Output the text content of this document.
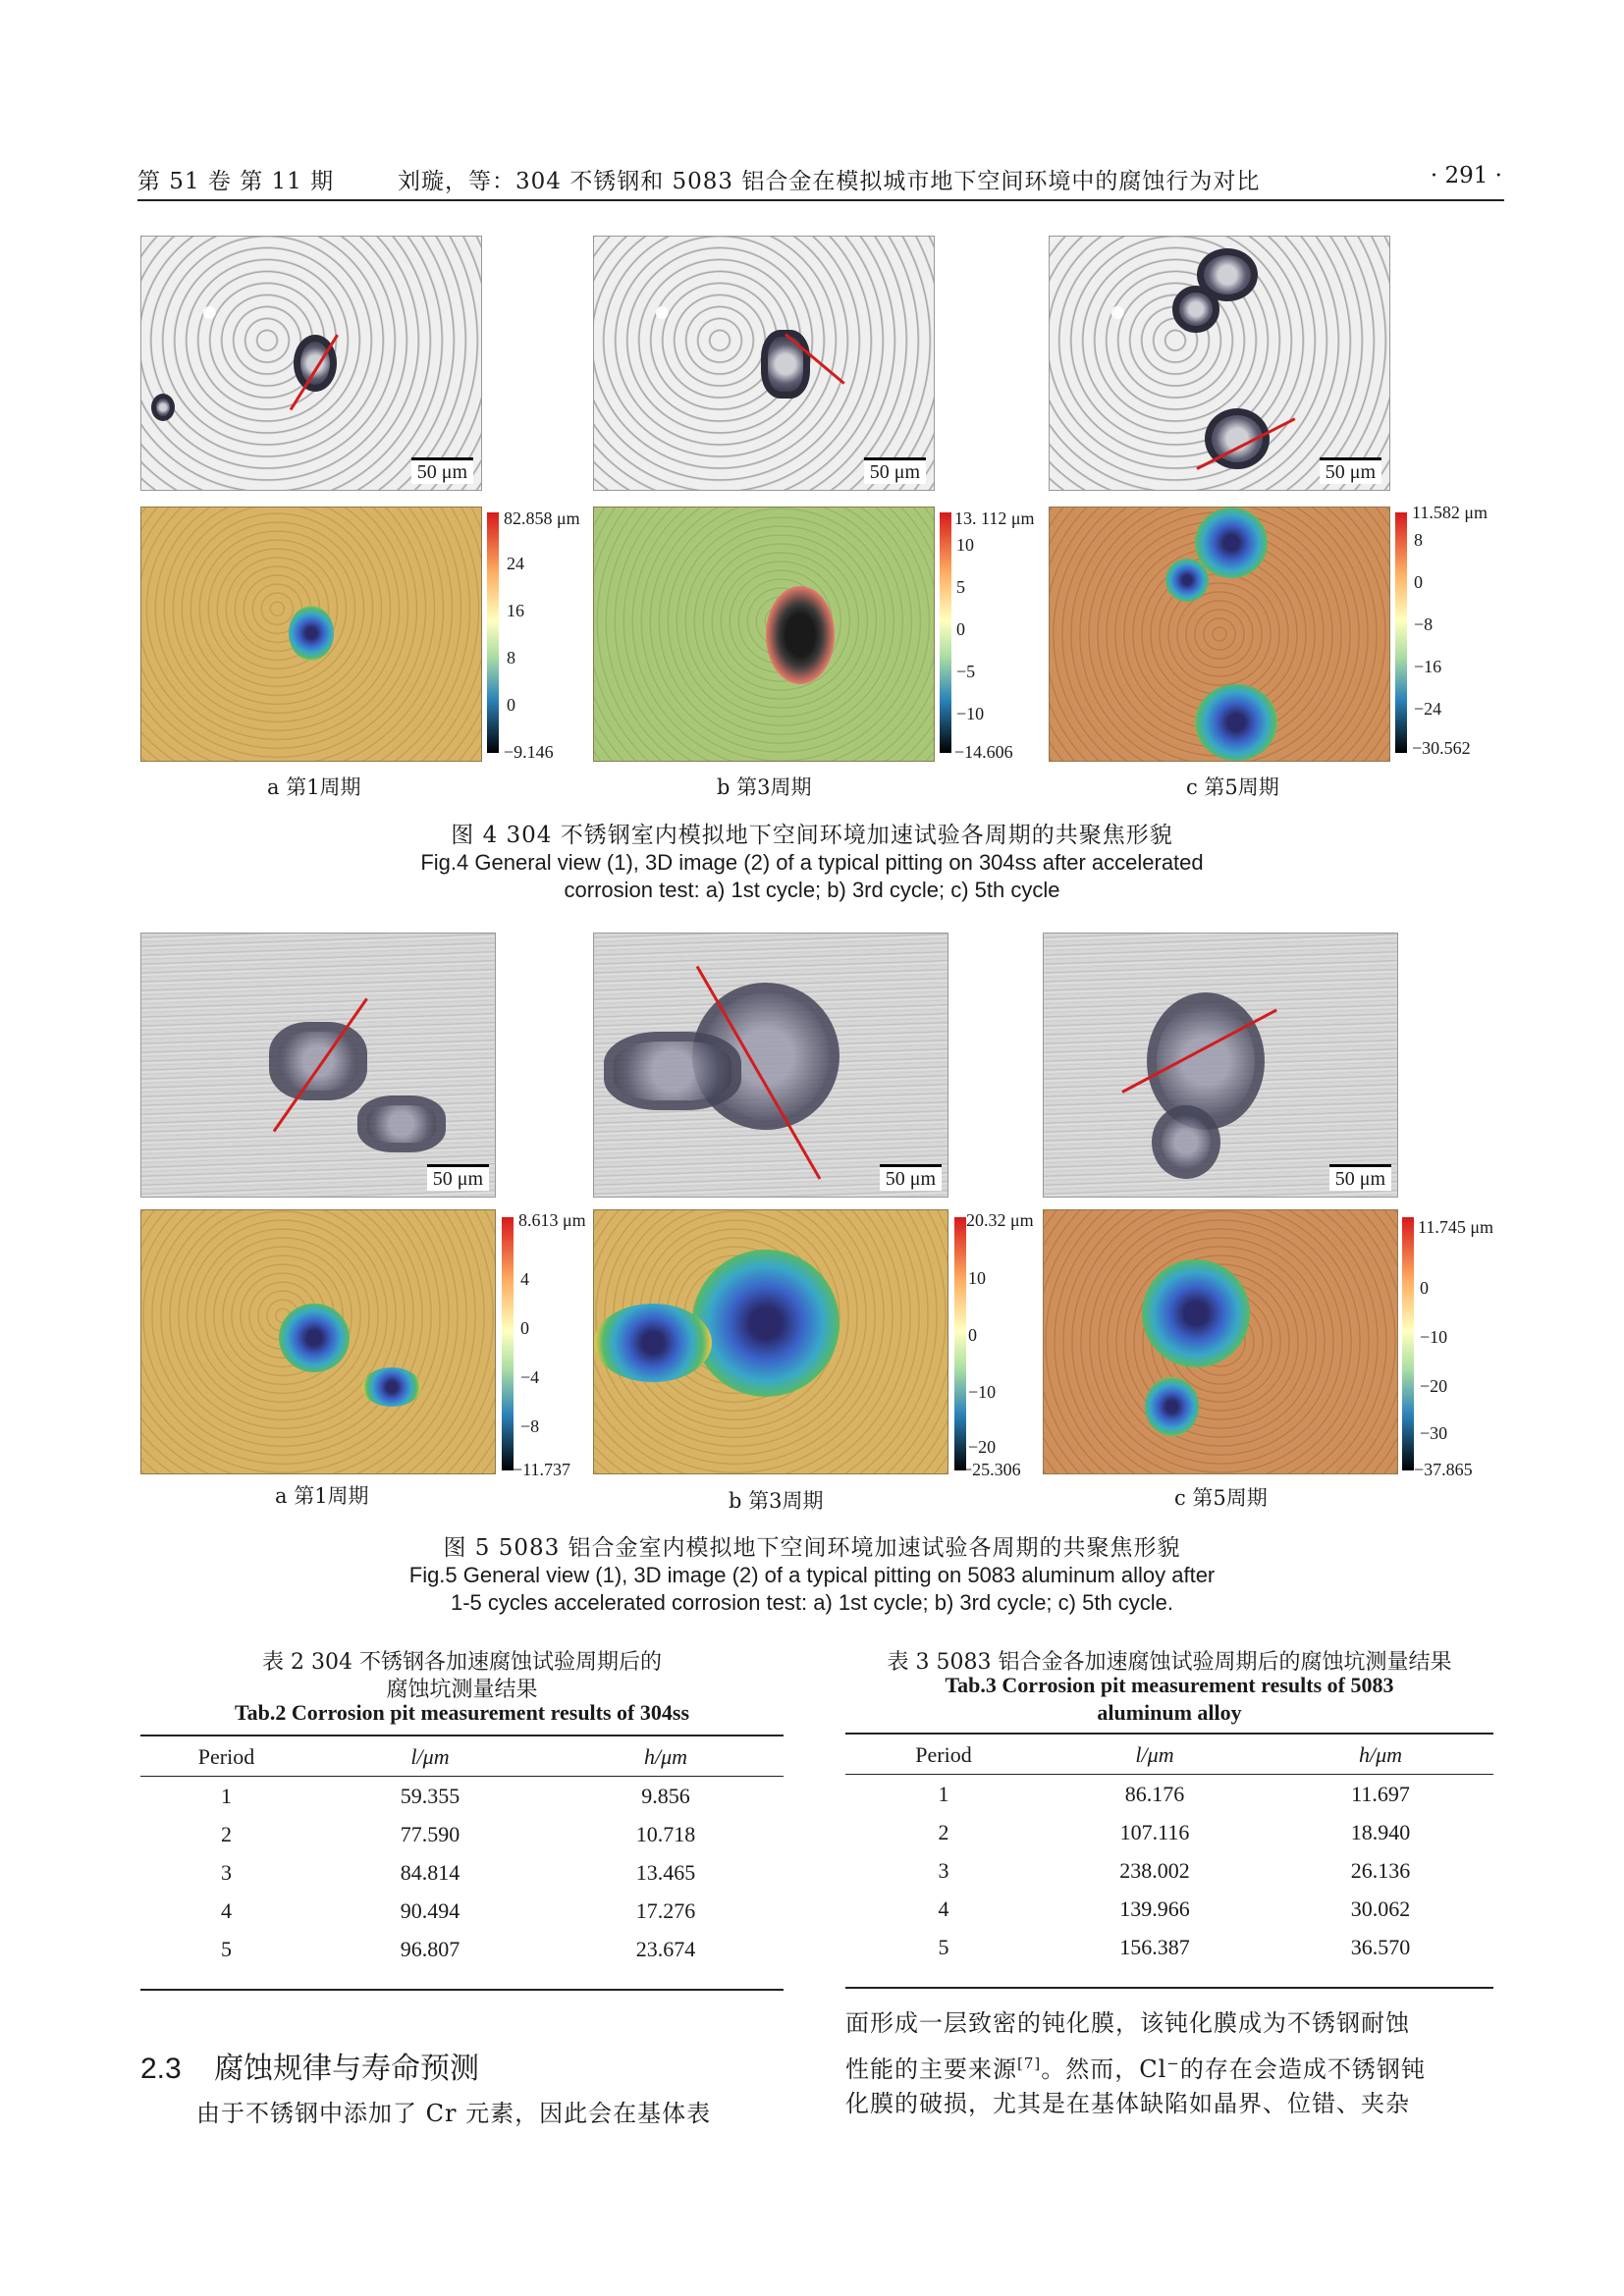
第 51 卷 第 11 期	刘璇，等：304 不锈钢和 5083 铝合金在模拟城市地下空间环境中的腐蚀行为对比	· 291 ·
50 μm	50 μm	50 μm
82.858 μm
24
16
8
0
−9.146
13. 112 μm
10
5
0
−5
−10
−14.606
11.582 μm
8
0
−8
−16
−24
−30.562
a 第1周期	b 第3周期	c 第5周期
图 4 304 不锈钢室内模拟地下空间环境加速试验各周期的共聚焦形貌
Fig.4 General view (1), 3D image (2) of a typical pitting on 304ss after accelerated
corrosion test: a) 1st cycle; b) 3rd cycle; c) 5th cycle
50 μm	50 μm	50 μm
8.613 μm
4
0
−4
−8
−11.737
20.32 μm
10
0
−10
−20
−25.306
11.745 μm
0
−10
−20
−30
−37.865
a 第1周期	b 第3周期	c 第5周期
图 5 5083 铝合金室内模拟地下空间环境加速试验各周期的共聚焦形貌
Fig.5 General view (1), 3D image (2) of a typical pitting on 5083 aluminum alloy after
1-5 cycles accelerated corrosion test: a) 1st cycle; b) 3rd cycle; c) 5th cycle.
表 2 304 不锈钢各加速腐蚀试验周期后的
腐蚀坑测量结果
Tab.2 Corrosion pit measurement results of 304ss
Period	l/μm	h/μm
1	59.355	9.856
2	77.590	10.718
3	84.814	13.465
4	90.494	17.276
5	96.807	23.674
表 3 5083 铝合金各加速腐蚀试验周期后的腐蚀坑测量结果
Tab.3 Corrosion pit measurement results of 5083
aluminum alloy
Period	l/μm	h/μm
1	86.176	11.697
2	107.116	18.940
3	238.002	26.136
4	139.966	30.062
5	156.387	36.570
2.3 腐蚀规律与寿命预测
由于不锈钢中添加了 Cr 元素，因此会在基体表
面形成一层致密的钝化膜，该钝化膜成为不锈钢耐蚀
性能的主要来源[7]。然而，Cl−的存在会造成不锈钢钝
化膜的破损，尤其是在基体缺陷如晶界、位错、夹杂
